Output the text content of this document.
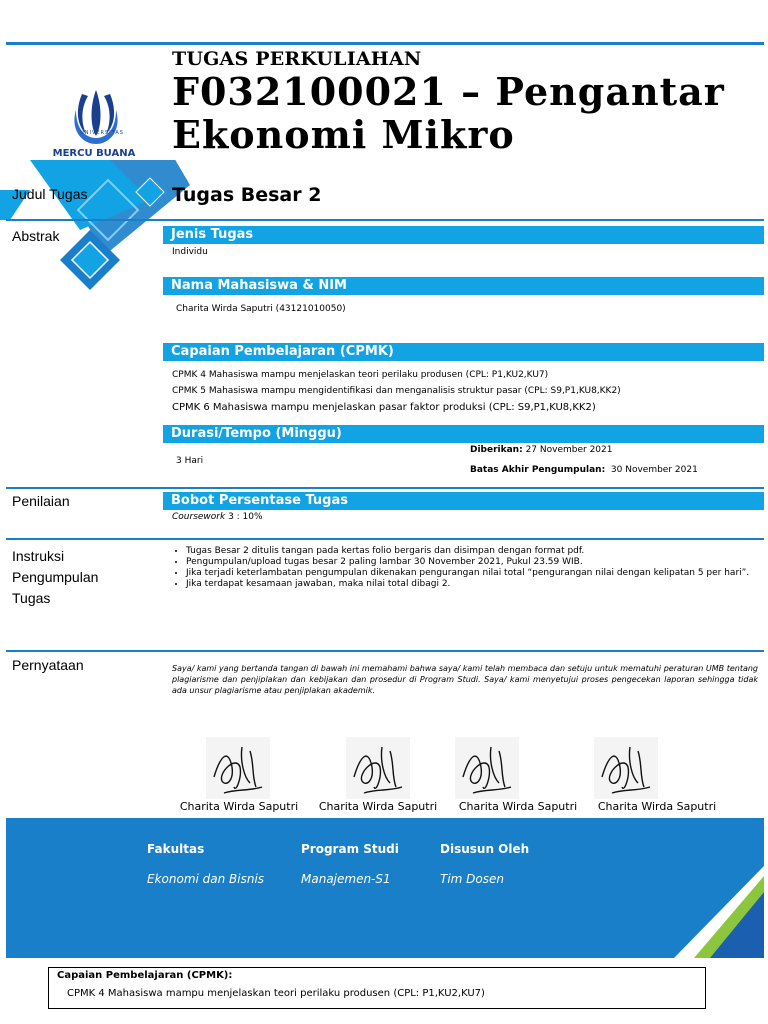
TUGAS PERKULIAHAN
F032100021 – Pengantar Ekonomi Mikro
UNIVERSITAS
MERCU BUANA
Judul Tugas	Tugas Besar 2
Abstrak	Jenis Tugas
Individu
Nama Mahasiswa & NIM
Charita Wirda Saputri (43121010050)
Capaian Pembelajaran (CPMK)
CPMK 4 Mahasiswa mampu menjelaskan teori perilaku produsen (CPL: P1,KU2,KU7)
CPMK 5 Mahasiswa mampu mengidentifikasi dan menganalisis struktur pasar (CPL: S9,P1,KU8,KK2)
CPMK 6 Mahasiswa mampu menjelaskan pasar faktor produksi (CPL: S9,P1,KU8,KK2)
Durasi/Tempo (Minggu)
3 Hari
Diberikan: 27 November 2021
Batas Akhir Pengumpulan: 30 November 2021
Penilaian	Bobot Persentase Tugas
Coursework 3 : 10%
Instruksi Pengumpulan Tugas
• Tugas Besar 2 ditulis tangan pada kertas folio bergaris dan disimpan dengan format pdf.
• Pengumpulan/upload tugas besar 2 paling lambar 30 November 2021, Pukul 23.59 WIB.
• Jika terjadi keterlambatan pengumpulan dikenakan pengurangan nilai total “pengurangan nilai dengan kelipatan 5 per hari”.
• Jika terdapat kesamaan jawaban, maka nilai total dibagi 2.
Pernyataan	Saya/ kami yang bertanda tangan di bawah ini memahami bahwa saya/ kami telah membaca dan setuju untuk mematuhi peraturan UMB tentang plagiarisme dan penjiplakan dan kebijakan dan prosedur di Program Studi. Saya/ kami menyetujui proses pengecekan laporan sehingga tidak ada unsur plagiarisme atau penjiplakan akademik.
Charita Wirda Saputri	Charita Wirda Saputri	Charita Wirda Saputri	Charita Wirda Saputri
Fakultas
Ekonomi dan Bisnis
Program Studi
Manajemen-S1
Disusun Oleh
Tim Dosen
Capaian Pembelajaran (CPMK):
CPMK 4 Mahasiswa mampu menjelaskan teori perilaku produsen (CPL: P1,KU2,KU7)
